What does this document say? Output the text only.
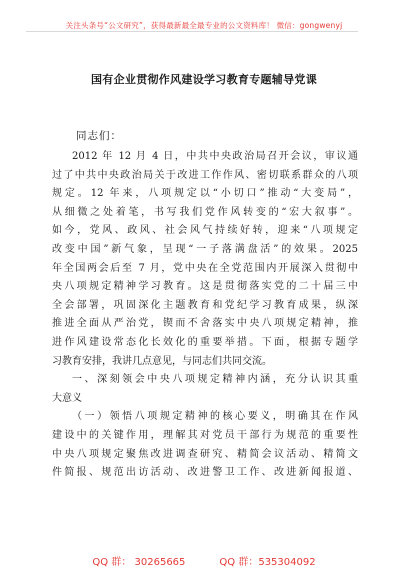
关注头条号“公文研究”，获得最新最全最专业的公文资料库！ 微信：gongwenyj
国有企业贯彻作风建设学习教育专题辅导党课
同志们：
2012 年 12 月 4 日，中共中央政治局召开会议，审议通
过了中共中央政治局关于改进工作作风、密切联系群众的八项
规定。12 年来，八项规定以“小切口”推动“大变局”，
从细微之处着笔，书写我们党作风转变的“宏大叙事”。
如今，党风、政风、社会风气持续好转，迎来“八项规定
改变中国”新气象，呈现“一子落满盘活”的效果。2025
年全国两会后至 7 月，党中央在全党范围内开展深入贯彻中
央八项规定精神学习教育。这是贯彻落实党的二十届三中
全会部署，巩固深化主题教育和党纪学习教育成果，纵深
推进全面从严治党，锲而不舍落实中央八项规定精神，推
进作风建设常态化长效化的重要举措。下面，根据专题学
习教育安排，我讲几点意见，与同志们共同交流。
一、深刻领会中央八项规定精神内涵，充分认识其重
大意义
（一）领悟八项规定精神的核心要义，明确其在作风
建设中的关键作用，理解其对党员干部行为规范的重要性
中央八项规定聚焦改进调查研究、精简会议活动、精简文
件简报、规范出访活动、改进警卫工作、改进新闻报道、
QQ 群： 30265665	QQ 群：535304092
